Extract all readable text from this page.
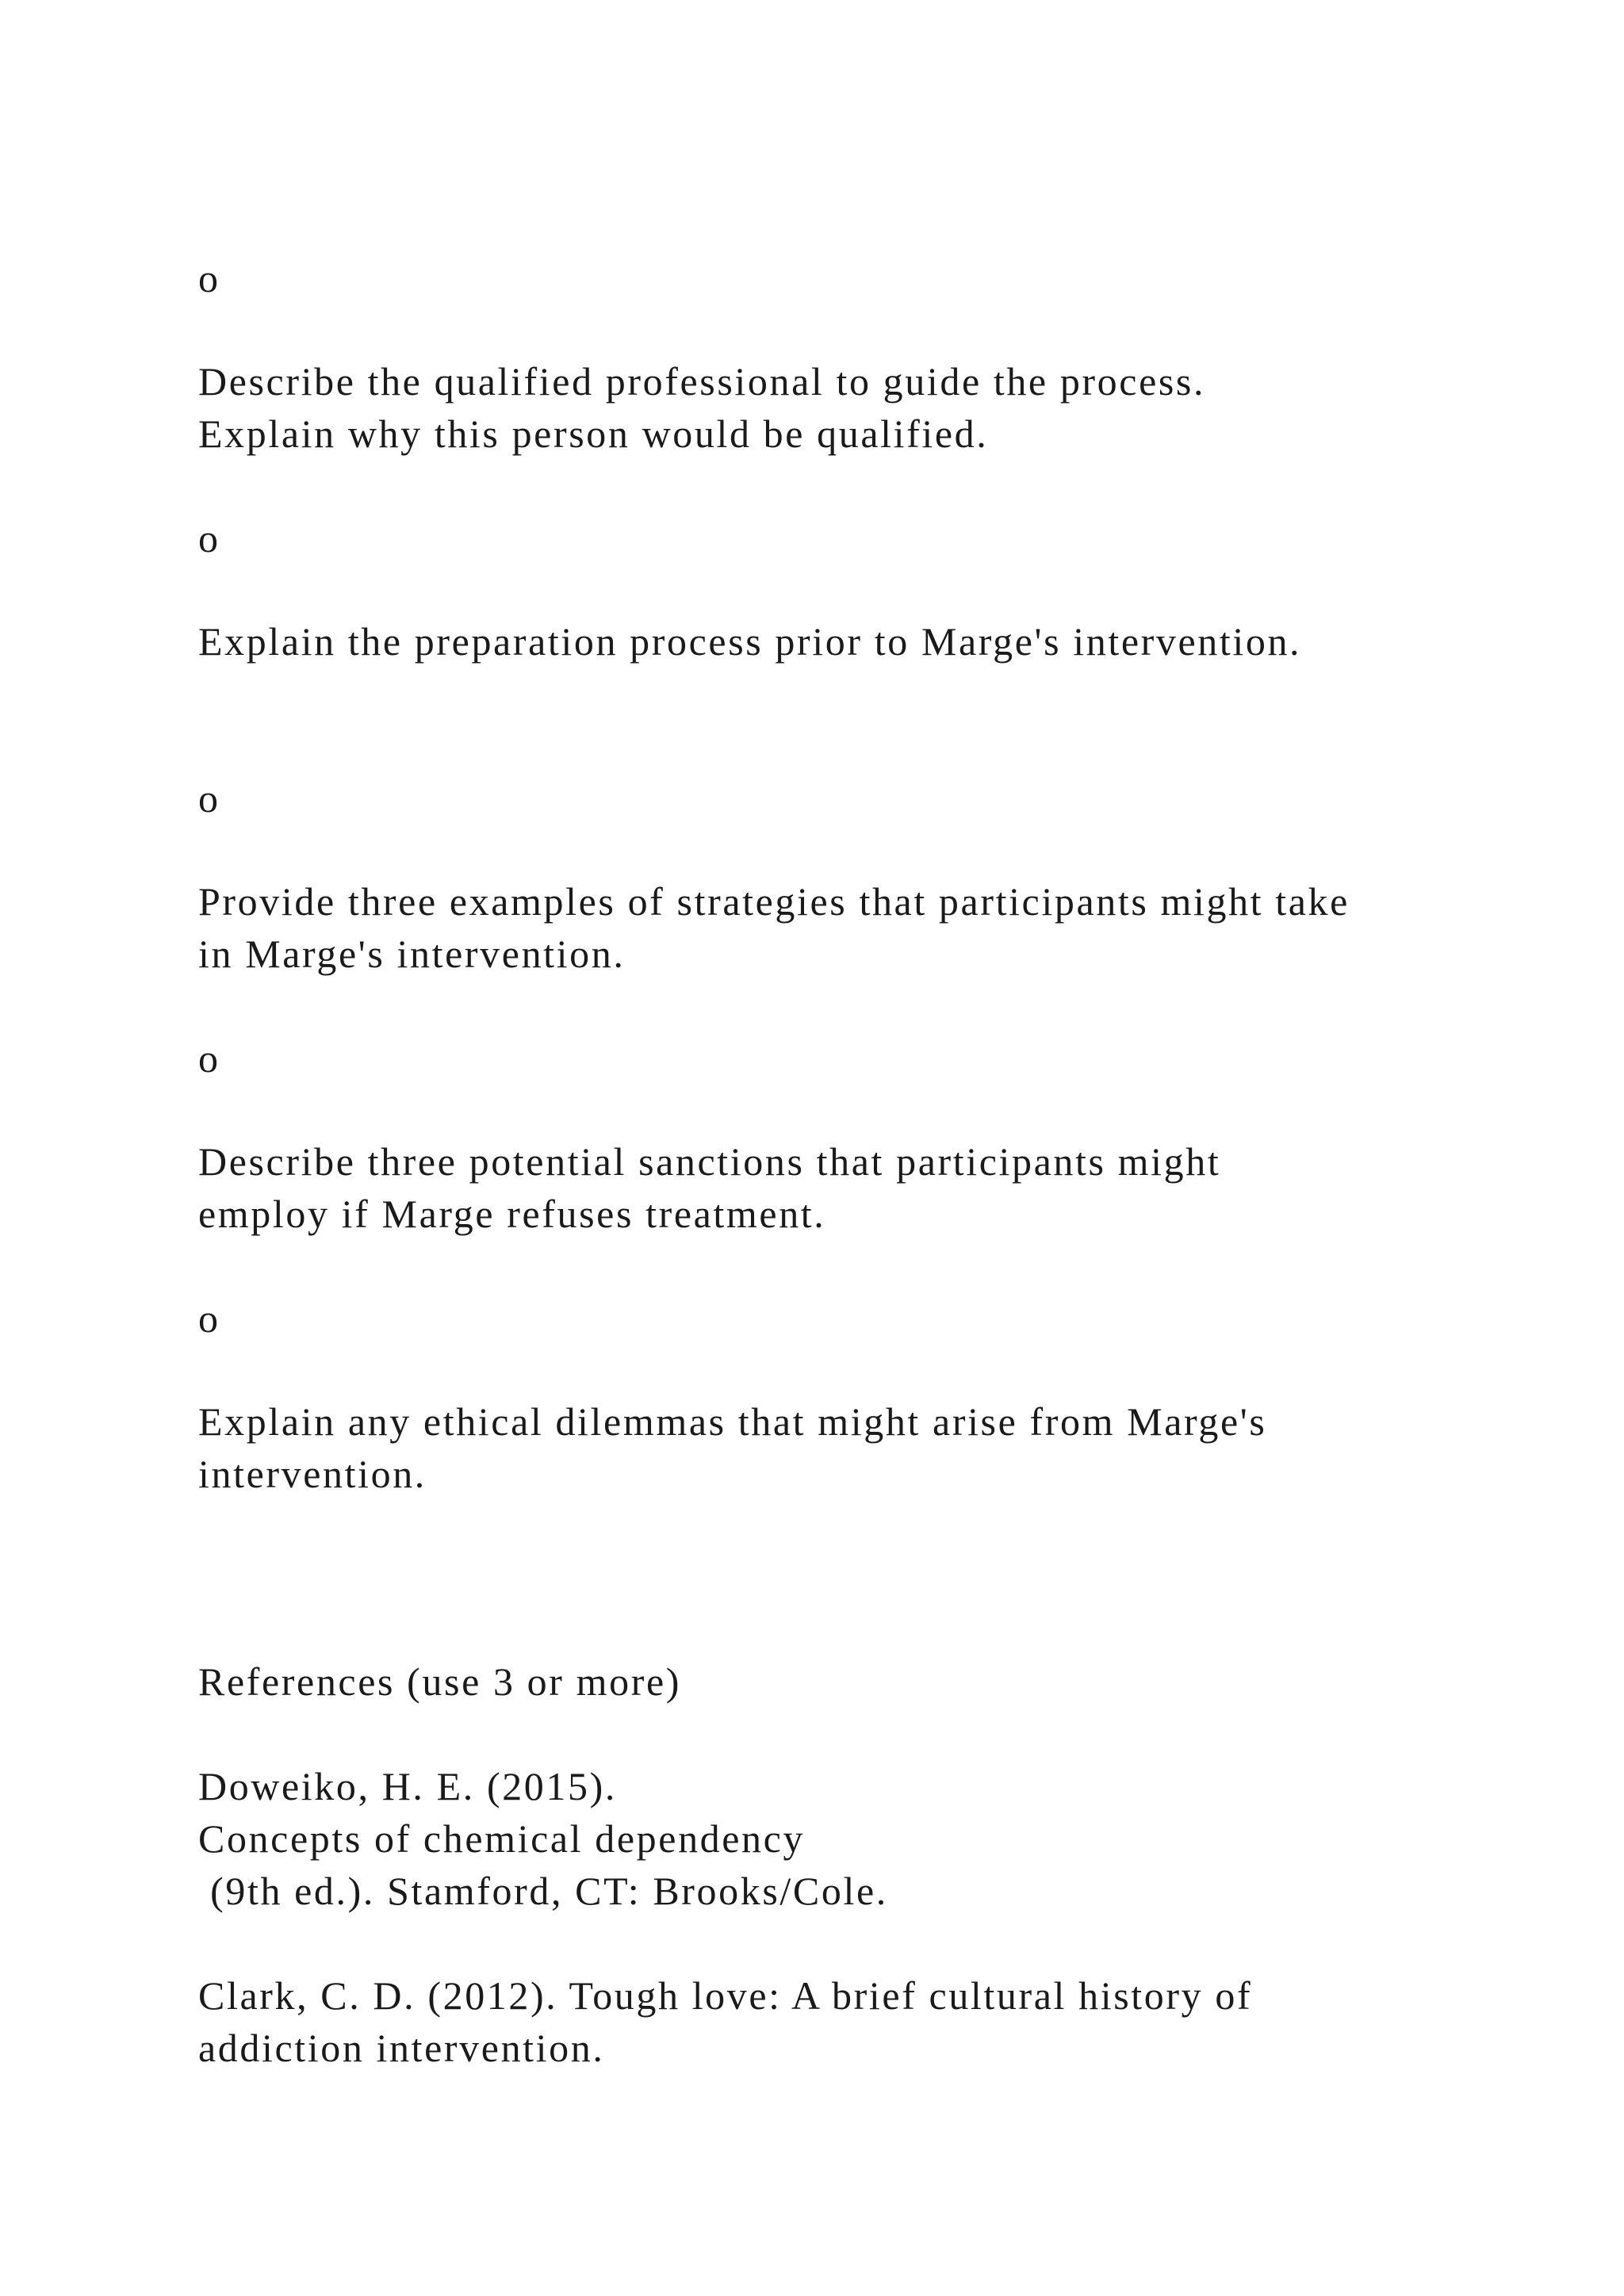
o

Describe the qualified professional to guide the process.

Explain why this person would be qualified.

o

Explain the preparation process prior to Marge's intervention.

o

Provide three examples of strategies that participants might take

in Marge's intervention.

o

Describe three potential sanctions that participants might

employ if Marge refuses treatment.

o

Explain any ethical dilemmas that might arise from Marge's

intervention.

References (use 3 or more)

Doweiko, H. E. (2015).

Concepts of chemical dependency

(9th ed.). Stamford, CT: Brooks/Cole.

Clark, C. D. (2012). Tough love: A brief cultural history of

addiction intervention.
